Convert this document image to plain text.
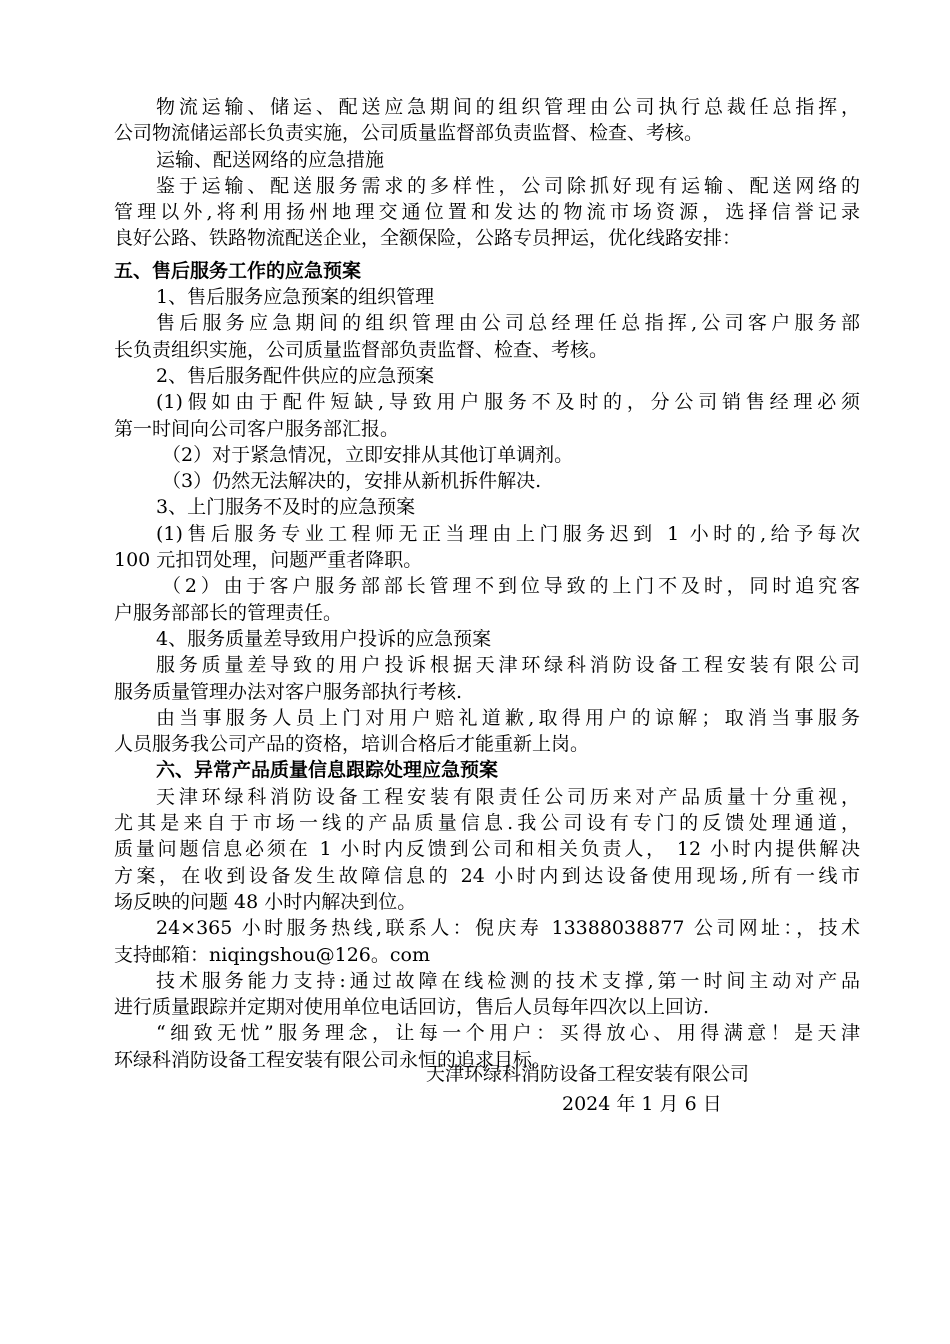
物流运输、储运、配送应急期间的组织管理由公司执行总裁任总指挥，
公司物流储运部长负责实施，公司质量监督部负责监督、检查、考核。
运输、配送网络的应急措施
鉴于运输、配送服务需求的多样性，公司除抓好现有运输、配送网络的
管理以外,将利用扬州地理交通位置和发达的物流市场资源，选择信誉记录
良好公路、铁路物流配送企业，全额保险，公路专员押运，优化线路安排：
五、售后服务工作的应急预案
1、售后服务应急预案的组织管理
售后服务应急期间的组织管理由公司总经理任总指挥,公司客户服务部
长负责组织实施，公司质量监督部负责监督、检查、考核。
2、售后服务配件供应的应急预案
(1)假如由于配件短缺,导致用户服务不及时的，分公司销售经理必须
第一时间向公司客户服务部汇报。
（2）对于紧急情况，立即安排从其他订单调剂。
（3）仍然无法解决的，安排从新机拆件解决.
3、上门服务不及时的应急预案
(1)售后服务专业工程师无正当理由上门服务迟到 1 小时的,给予每次
100 元扣罚处理，问题严重者降职。
（2）由于客户服务部部长管理不到位导致的上门不及时，同时追究客
户服务部部长的管理责任。
4、服务质量差导致用户投诉的应急预案
服务质量差导致的用户投诉根据天津环绿科消防设备工程安装有限公司
服务质量管理办法对客户服务部执行考核.
由当事服务人员上门对用户赔礼道歉,取得用户的谅解；取消当事服务
人员服务我公司产品的资格，培训合格后才能重新上岗。
六、异常产品质量信息跟踪处理应急预案
天津环绿科消防设备工程安装有限责任公司历来对产品质量十分重视，
尤其是来自于市场一线的产品质量信息.我公司设有专门的反馈处理通道，
质量问题信息必须在 1 小时内反馈到公司和相关负责人， 12 小时内提供解决
方案，在收到设备发生故障信息的 24 小时内到达设备使用现场,所有一线市
场反映的问题 48 小时内解决到位。
24×365 小时服务热线,联系人：倪庆寿 13388038877 公司网址：，技术
支持邮箱：niqingshou@126。com
技术服务能力支持:通过故障在线检测的技术支撑,第一时间主动对产品
进行质量跟踪并定期对使用单位电话回访，售后人员每年四次以上回访.
“细致无忧”服务理念，让每一个用户：买得放心、用得满意！是天津
环绿科消防设备工程安装有限公司永恒的追求目标。
天津环绿科消防设备工程安装有限公司
2024 年 1 月 6 日
